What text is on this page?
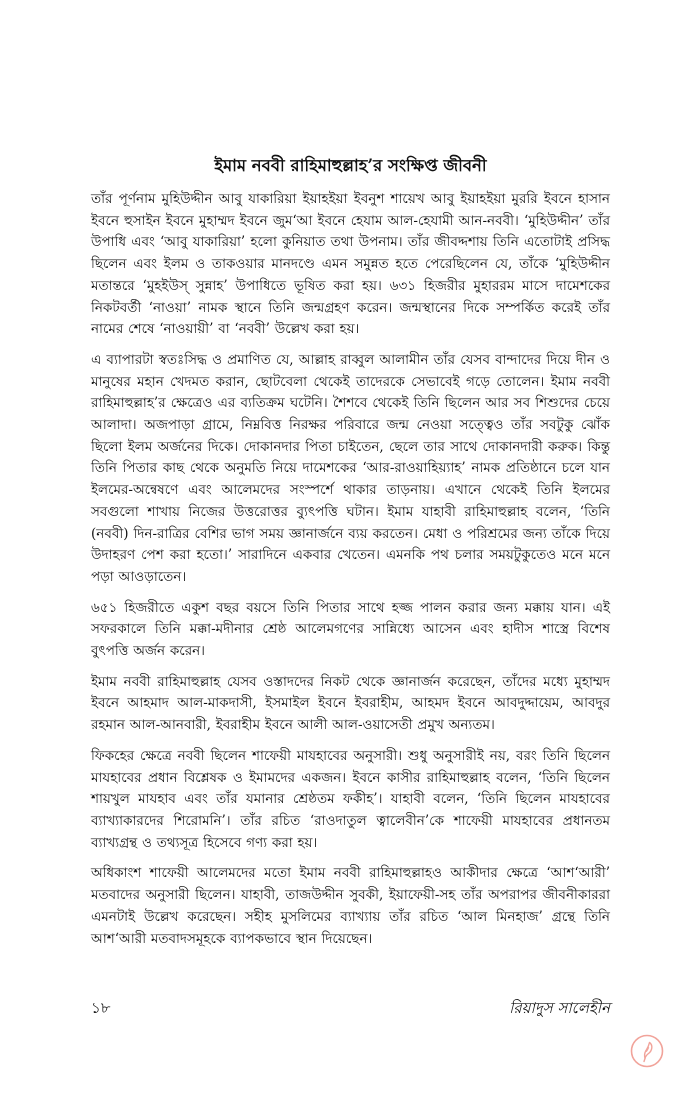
ইমাম নববী রাহিমাহুল্লাহ’র সংক্ষিপ্ত জীবনী

তাঁর পূর্ণনাম মুহিউদ্দীন আবু যাকারিয়া ইয়াহইয়া ইবনুশ শায়েখ আবু ইয়াহইয়া মুররি ইবনে হাসান ইবনে হুসাইন ইবনে মুহাম্মদ ইবনে জুম‘আ ইবনে হেযাম আল-হেযামী আন-নববী। ‘মুহিউদ্দীন’ তাঁর উপাধি এবং ‘আবু যাকারিয়া’ হলো কুনিয়াত তথা উপনাম। তাঁর জীবদ্দশায় তিনি এতোটাই প্রসিদ্ধ ছিলেন এবং ইলম ও তাকওয়ার মানদণ্ডে এমন সমুন্নত হতে পেরেছিলেন যে, তাঁকে ‘মুহিউদ্দীন মতান্তরে ‘মুহইউস্ সুন্নাহ’ উপাধিতে ভূষিত করা হয়। ৬৩১ হিজরীর মুহাররম মাসে দামেশকের নিকটবর্তী ‘নাওয়া’ নামক স্থানে তিনি জন্মগ্রহণ করেন। জন্মস্থানের দিকে সম্পর্কিত করেই তাঁর নামের শেষে ‘নাওয়ায়ী’ বা ‘নববী’ উল্লেখ করা হয়।

এ ব্যাপারটা স্বতঃসিদ্ধ ও প্রমাণিত যে, আল্লাহ রাব্বুল আলামীন তাঁর যেসব বান্দাদের দিয়ে দীন ও মানুষের মহান খেদমত করান, ছোটবেলা থেকেই তাদেরকে সেভাবেই গড়ে তোলেন। ইমাম নববী রাহিমাহুল্লাহ’র ক্ষেত্রেও এর ব্যতিক্রম ঘটেনি। শৈশবে থেকেই তিনি ছিলেন আর সব শিশুদের চেয়ে আলাদা। অজপাড়া গ্রামে, নিম্নবিত্ত নিরক্ষর পরিবারে জন্ম নেওয়া সত্ত্বেও তাঁর সবটুকু ঝোঁক ছিলো ইলম অর্জনের দিকে। দোকানদার পিতা চাইতেন, ছেলে তার সাথে দোকানদারী করুক। কিন্তু তিনি পিতার কাছ থেকে অনুমতি নিয়ে দামেশকের ‘আর-রাওয়াহিয়্যাহ’ নামক প্রতিষ্ঠানে চলে যান ইলমের-অন্বেষণে এবং আলেমদের সংস্পর্শে থাকার তাড়নায়। এখানে থেকেই তিনি ইলমের সবগুলো শাখায় নিজের উত্তরোত্তর ব্যুৎপত্তি ঘটান। ইমাম যাহাবী রাহিমাহুল্লাহ বলেন, ‘তিনি (নববী) দিন-রাত্রির বেশির ভাগ সময় জ্ঞানার্জনে ব্যয় করতেন। মেধা ও পরিশ্রমের জন্য তাঁকে দিয়ে উদাহরণ পেশ করা হতো।’ সারাদিনে একবার খেতেন। এমনকি পথ চলার সময়টুকুতেও মনে মনে পড়া আওড়াতেন।

৬৫১ হিজরীতে একুশ বছর বয়সে তিনি পিতার সাথে হজ্জ পালন করার জন্য মক্কায় যান। এই সফরকালে তিনি মক্কা-মদীনার শ্রেষ্ঠ আলেমগণের সান্নিধ্যে আসেন এবং হাদীস শাস্ত্রে বিশেষ বুৎপত্তি অর্জন করেন।

ইমাম নববী রাহিমাহুল্লাহ যেসব ওস্তাদদের নিকট থেকে জ্ঞানার্জন করেছেন, তাঁদের মধ্যে মুহাম্মদ ইবনে আহমাদ আল-মাকদাসী, ইসমাইল ইবনে ইবরাহীম, আহমদ ইবনে আবদুদ্দায়েম, আবদুর রহমান আল-আনবারী, ইবরাহীম ইবনে আলী আল-ওয়াসেতী প্রমুখ অন্যতম।

ফিকহের ক্ষেত্রে নববী ছিলেন শাফেয়ী মাযহাবের অনুসারী। শুধু অনুসারীই নয়, বরং তিনি ছিলেন মাযহাবের প্রধান বিশ্লেষক ও ইমামদের একজন। ইবনে কাসীর রাহিমাহুল্লাহ বলেন, ‘তিনি ছিলেন শায়খুল মাযহাব এবং তাঁর যমানার শ্রেষ্ঠতম ফকীহ’। যাহাবী বলেন, ‘তিনি ছিলেন মাযহাবের ব্যাখ্যাকারদের শিরোমনি’। তাঁর রচিত ‘রাওদাতুল ত্বালেবীন’কে শাফেয়ী মাযহাবের প্রধানতম ব্যাখ্যগ্রন্থ ও তথ্যসূত্র হিসেবে গণ্য করা হয়।

অধিকাংশ শাফেয়ী আলেমদের মতো ইমাম নববী রাহিমাহুল্লাহও আকীদার ক্ষেত্রে ‘আশ‘আরী’ মতবাদের অনুসারী ছিলেন। যাহাবী, তাজউদ্দীন সুবকী, ইয়াফেয়ী-সহ তাঁর অপরাপর জীবনীকাররা এমনটাই উল্লেখ করেছেন। সহীহ মুসলিমের ব্যাখ্যায় তাঁর রচিত ‘আল মিনহাজ’ গ্রন্থে তিনি আশ‘আরী মতবাদসমূহকে ব্যাপকভাবে স্থান দিয়েছেন।

১৮	রিয়াদুস সালেহীন
